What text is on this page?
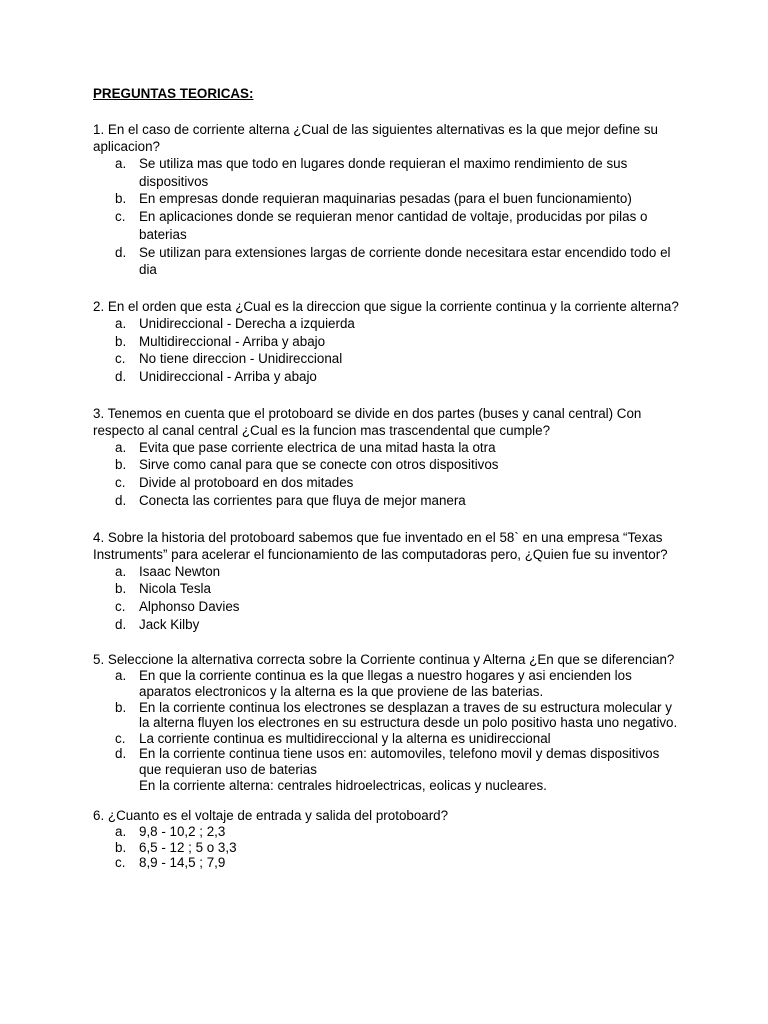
PREGUNTAS TEORICAS:

1. En el caso de corriente alterna ¿Cual de las siguientes alternativas es la que mejor define su aplicacion?

a. Se utiliza mas que todo en lugares donde requieran el maximo rendimiento de sus dispositivos
b. En empresas donde requieran maquinarias pesadas (para el buen funcionamiento)
c. En aplicaciones donde se requieran menor cantidad de voltaje, producidas por pilas o baterias
d. Se utilizan para extensiones largas de corriente donde necesitara estar encendido todo el dia

2. En el orden que esta ¿Cual es la direccion que sigue la corriente continua y la corriente alterna?

a. Unidireccional - Derecha a izquierda
b. Multidireccional - Arriba y abajo
c. No tiene direccion - Unidireccional
d. Unidireccional - Arriba y abajo

3. Tenemos en cuenta que el protoboard se divide en dos partes (buses y canal central) Con respecto al canal central ¿Cual es la funcion mas trascendental que cumple?

a. Evita que pase corriente electrica de una mitad hasta la otra
b. Sirve como canal para que se conecte con otros dispositivos
c. Divide al protoboard en dos mitades
d. Conecta las corrientes para que fluya de mejor manera

4. Sobre la historia del protoboard sabemos que fue inventado en el 58` en una empresa “Texas Instruments” para acelerar el funcionamiento de las computadoras pero, ¿Quien fue su inventor?

a. Isaac Newton
b. Nicola Tesla
c. Alphonso Davies
d. Jack Kilby

5. Seleccione la alternativa correcta sobre la Corriente continua y Alterna ¿En que se diferencian?

a. En que la corriente continua es la que llegas a nuestro hogares y asi encienden los aparatos electronicos y la alterna es la que proviene de las baterias.
b. En la corriente continua los electrones se desplazan a traves de su estructura molecular y la alterna fluyen los electrones en su estructura desde un polo positivo hasta uno negativo.
c. La corriente continua es multidireccional y la alterna es unidireccional
d. En la corriente continua tiene usos en: automoviles, telefono movil y demas dispositivos que requieran uso de baterias
En la corriente alterna: centrales hidroelectricas, eolicas y nucleares.

6. ¿Cuanto es el voltaje de entrada y salida del protoboard?

a. 9,8 - 10,2 ; 2,3
b. 6,5 - 12 ; 5 o 3,3
c. 8,9 - 14,5 ; 7,9
